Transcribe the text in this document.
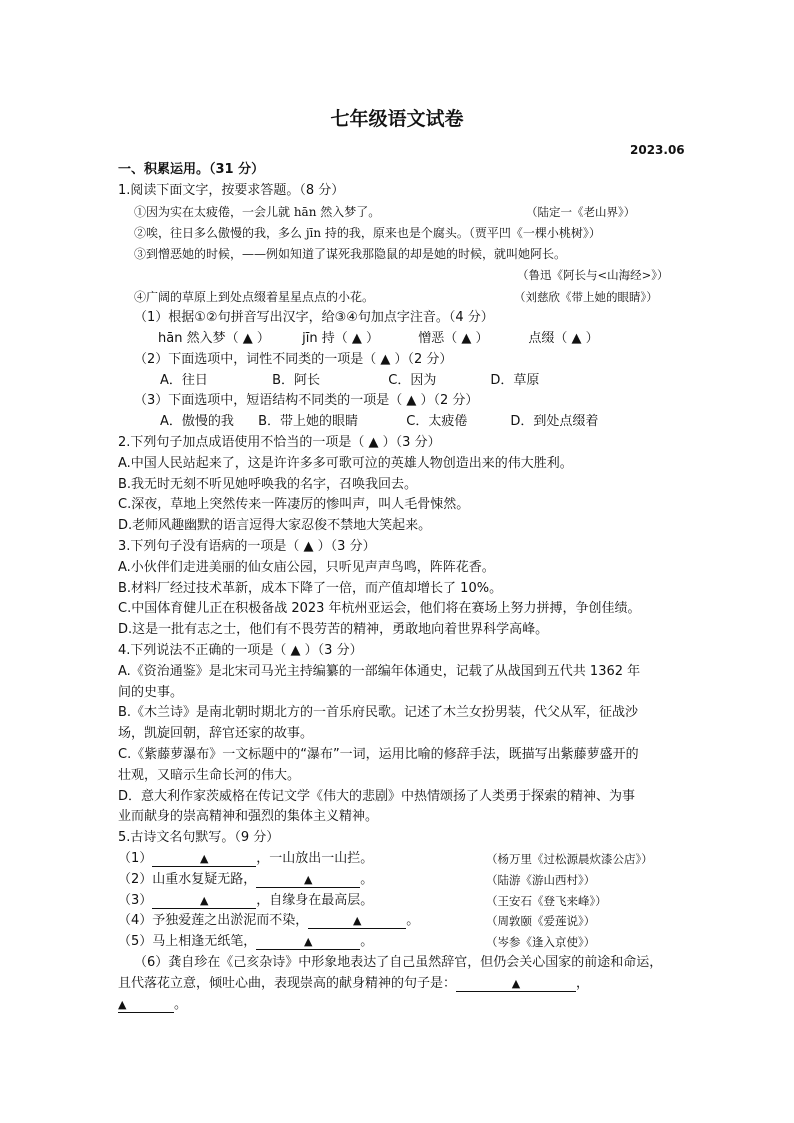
七年级语文试卷
2023.06
一、积累运用。（31 分）
1.阅读下面文字，按要求答题。（8 分）
①因为实在太疲倦，一会儿就 hān 然入梦了。	（陆定一《老山界》）
②唉，往日多么傲慢的我，多么 jīn 持的我，原来也是个腐头。（贾平凹《一棵小桃树》）
③到憎恶她的时候，——例如知道了谋死我那隐鼠的却是她的时候，就叫她阿长。
（鲁迅《阿长与<山海经>》）
④广阔的草原上到处点缀着星星点点的小花。	（刘慈欣《带上她的眼睛》）
（1）根据①②句拼音写出汉字，给③④句加点字注音。（4 分）
hān 然入梦（ ▲ ） jīn 持（ ▲ ）	憎恶（ ▲ ）	点缀（ ▲ ）
（2）下面选项中，词性不同类的一项是（ ▲ ）（2 分）
A．往日	B．阿长	C．因为	D．草原
（3）下面选项中，短语结构不同类的一项是（ ▲ ）（2 分）
A．傲慢的我 B．带上她的眼睛	C．太疲倦	D．到处点缀着
2.下列句子加点成语使用不恰当的一项是（ ▲ ）（3 分）
A.中国人民站起来了，这是许许多多可歌可泣的英雄人物创造出来的伟大胜利。
B.我无时无刻不听见她呼唤我的名字，召唤我回去。
C.深夜，草地上突然传来一阵凄厉的惨叫声，叫人毛骨悚然。
D.老师风趣幽默的语言逗得大家忍俊不禁地大笑起来。
3.下列句子没有语病的一项是（ ▲ ）（3 分）
A.小伙伴们走进美丽的仙女庙公园，只听见声声鸟鸣，阵阵花香。
B.材料厂经过技术革新，成本下降了一倍，而产值却增长了 10%。
C.中国体育健儿正在积极备战 2023 年杭州亚运会，他们将在赛场上努力拼搏，争创佳绩。
D.这是一批有志之士，他们有不畏劳苦的精神，勇敢地向着世界科学高峰。
4.下列说法不正确的一项是（ ▲ ）（3 分）
A.《资治通鉴》是北宋司马光主持编纂的一部编年体通史，记载了从战国到五代共 1362 年
间的史事。
B.《木兰诗》是南北朝时期北方的一首乐府民歌。记述了木兰女扮男装，代父从军，征战沙
场，凯旋回朝，辞官还家的故事。
C.《紫藤萝瀑布》一文标题中的“瀑布”一词，运用比喻的修辞手法，既描写出紫藤萝盛开的
壮观，又暗示生命长河的伟大。
D．意大利作家茨威格在传记文学《伟大的悲剧》中热情颂扬了人类勇于探索的精神、为事
业而献身的崇高精神和强烈的集体主义精神。
5.古诗文名句默写。（9 分）
（1）	▲	，一山放出一山拦。	（杨万里《过松源晨炊漆公店》）
（2）山重水复疑无路，	▲	。	（陆游《游山西村》）
（3）	▲	，自缘身在最高层。	（王安石《登飞来峰》）
（4）予独爱莲之出淤泥而不染，	▲	。	（周敦颐《爱莲说》）
（5）马上相逢无纸笔，	▲	。	（岑参《逢入京使》）
（6）龚自珍在《己亥杂诗》中形象地表达了自己虽然辞官，但仍会关心国家的前途和命运，
且代落花立意，倾吐心曲，表现崇高的献身精神的句子是：	▲	，
▲	。
